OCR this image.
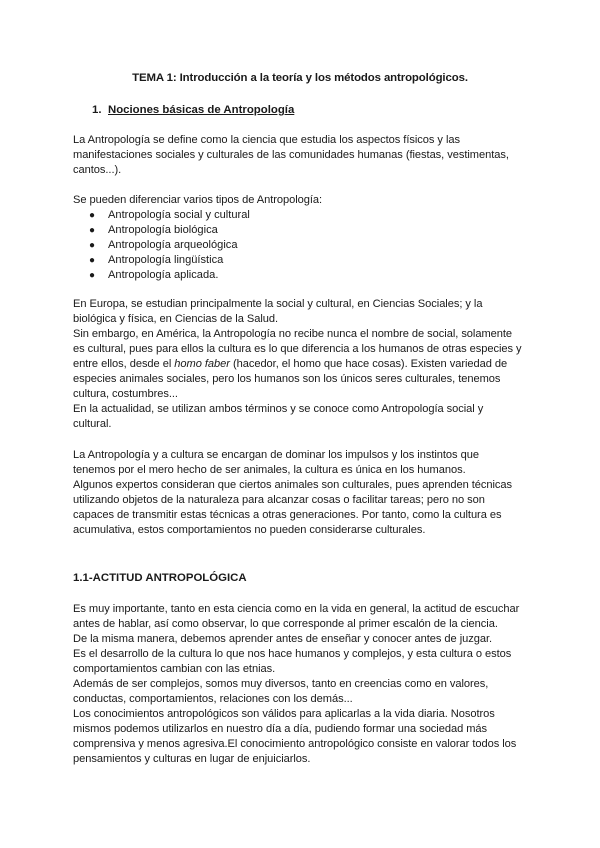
TEMA 1: Introducción a la teoría y los métodos antropológicos.
1. Nociones básicas de Antropología

La Antropología se define como la ciencia que estudia los aspectos físicos y las

manifestaciones sociales y culturales de las comunidades humanas (fiestas, vestimentas,

cantos...).

Se pueden diferenciar varios tipos de Antropología:

● Antropología social y cultural
● Antropología biológica
● Antropología arqueológica
● Antropología lingüística
● Antropología aplicada.

En Europa, se estudian principalmente la social y cultural, en Ciencias Sociales; y la

biológica y física, en Ciencias de la Salud.

Sin embargo, en América, la Antropología no recibe nunca el nombre de social, solamente

es cultural, pues para ellos la cultura es lo que diferencia a los humanos de otras especies y

entre ellos, desde el homo faber (hacedor, el homo que hace cosas). Existen variedad de

especies animales sociales, pero los humanos son los únicos seres culturales, tenemos

cultura, costumbres...

En la actualidad, se utilizan ambos términos y se conoce como Antropología social y

cultural.

La Antropología y a cultura se encargan de dominar los impulsos y los instintos que

tenemos por el mero hecho de ser animales, la cultura es única en los humanos.

Algunos expertos consideran que ciertos animales son culturales, pues aprenden técnicas

utilizando objetos de la naturaleza para alcanzar cosas o facilitar tareas; pero no son

capaces de transmitir estas técnicas a otras generaciones. Por tanto, como la cultura es

acumulativa, estos comportamientos no pueden considerarse culturales.

1.1-ACTITUD ANTROPOLÓGICA

Es muy importante, tanto en esta ciencia como en la vida en general, la actitud de escuchar

antes de hablar, así como observar, lo que corresponde al primer escalón de la ciencia.

De la misma manera, debemos aprender antes de enseñar y conocer antes de juzgar.

Es el desarrollo de la cultura lo que nos hace humanos y complejos, y esta cultura o estos

comportamientos cambian con las etnias.

Además de ser complejos, somos muy diversos, tanto en creencias como en valores,

conductas, comportamientos, relaciones con los demás...

Los conocimientos antropológicos son válidos para aplicarlas a la vida diaria. Nosotros

mismos podemos utilizarlos en nuestro día a día, pudiendo formar una sociedad más

comprensiva y menos agresiva.El conocimiento antropológico consiste en valorar todos los

pensamientos y culturas en lugar de enjuiciarlos.
